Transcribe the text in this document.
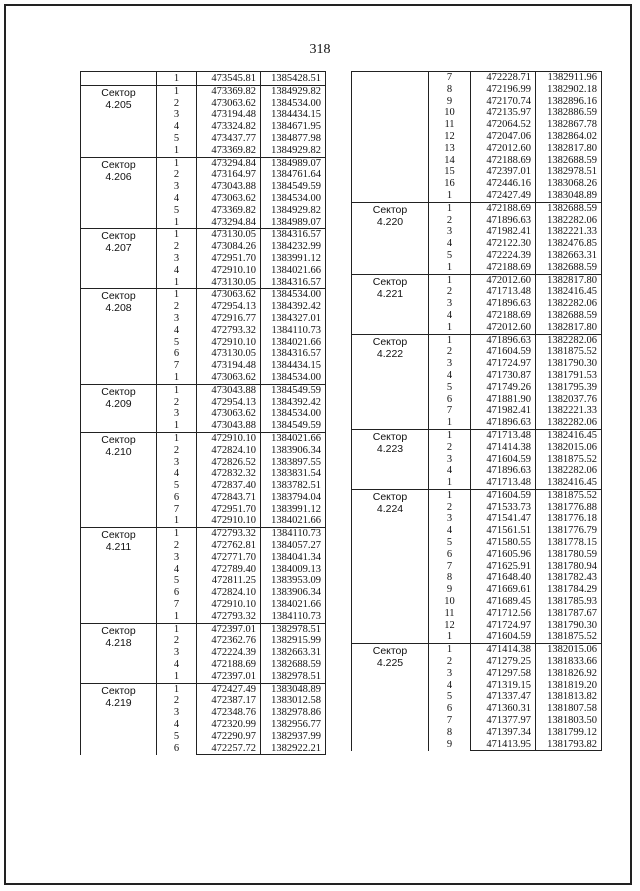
318
	1	473545.81	1385428.51
Сектор
4.205	1	473369.82	1384929.82
	2	473063.62	1384534.00
	3	473194.48	1384434.15
	4	473324.82	1384671.95
	5	473437.77	1384877.98
	1	473369.82	1384929.82
Сектор
4.206	1	473294.84	1384989.07
	2	473164.97	1384761.64
	3	473043.88	1384549.59
	4	473063.62	1384534.00
	5	473369.82	1384929.82
	1	473294.84	1384989.07
Сектор
4.207	1	473130.05	1384316.57
	2	473084.26	1384232.99
	3	472951.70	1383991.12
	4	472910.10	1384021.66
	1	473130.05	1384316.57
Сектор
4.208	1	473063.62	1384534.00
	2	472954.13	1384392.42
	3	472916.77	1384327.01
	4	472793.32	1384110.73
	5	472910.10	1384021.66
	6	473130.05	1384316.57
	7	473194.48	1384434.15
	1	473063.62	1384534.00
Сектор
4.209	1	473043.88	1384549.59
	2	472954.13	1384392.42
	3	473063.62	1384534.00
	1	473043.88	1384549.59
Сектор
4.210	1	472910.10	1384021.66
	2	472824.10	1383906.34
	3	472826.52	1383897.55
	4	472832.32	1383831.54
	5	472837.40	1383782.51
	6	472843.71	1383794.04
	7	472951.70	1383991.12
	1	472910.10	1384021.66
Сектор
4.211	1	472793.32	1384110.73
	2	472762.81	1384057.27
	3	472771.70	1384041.34
	4	472789.40	1384009.13
	5	472811.25	1383953.09
	6	472824.10	1383906.34
	7	472910.10	1384021.66
	1	472793.32	1384110.73
Сектор
4.218	1	472397.01	1382978.51
	2	472362.76	1382915.99
	3	472224.39	1382663.31
	4	472188.69	1382688.59
	1	472397.01	1382978.51
Сектор
4.219	1	472427.49	1383048.89
	2	472387.17	1383012.58
	3	472348.76	1382978.86
	4	472320.99	1382956.77
	5	472290.97	1382937.99
	6	472257.72	1382922.21
	7	472228.71	1382911.96
	8	472196.99	1382902.18
	9	472170.74	1382896.16
	10	472135.97	1382886.59
	11	472064.52	1382867.78
	12	472047.06	1382864.02
	13	472012.60	1382817.80
	14	472188.69	1382688.59
	15	472397.01	1382978.51
	16	472446.16	1383068.26
	1	472427.49	1383048.89
Сектор
4.220	1	472188.69	1382688.59
	2	471896.63	1382282.06
	3	471982.41	1382221.33
	4	472122.30	1382476.85
	5	472224.39	1382663.31
	1	472188.69	1382688.59
Сектор
4.221	1	472012.60	1382817.80
	2	471713.48	1382416.45
	3	471896.63	1382282.06
	4	472188.69	1382688.59
	1	472012.60	1382817.80
Сектор
4.222	1	471896.63	1382282.06
	2	471604.59	1381875.52
	3	471724.97	1381790.30
	4	471730.87	1381791.53
	5	471749.26	1381795.39
	6	471881.90	1382037.76
	7	471982.41	1382221.33
	1	471896.63	1382282.06
Сектор
4.223	1	471713.48	1382416.45
	2	471414.38	1382015.06
	3	471604.59	1381875.52
	4	471896.63	1382282.06
	1	471713.48	1382416.45
Сектор
4.224	1	471604.59	1381875.52
	2	471533.73	1381776.88
	3	471541.47	1381776.18
	4	471561.51	1381776.79
	5	471580.55	1381778.15
	6	471605.96	1381780.59
	7	471625.91	1381780.94
	8	471648.40	1381782.43
	9	471669.61	1381784.29
	10	471689.45	1381785.93
	11	471712.56	1381787.67
	12	471724.97	1381790.30
	1	471604.59	1381875.52
Сектор
4.225	1	471414.38	1382015.06
	2	471279.25	1381833.66
	3	471297.58	1381826.92
	4	471319.15	1381819.20
	5	471337.47	1381813.82
	6	471360.31	1381807.58
	7	471377.97	1381803.50
	8	471397.34	1381799.12
	9	471413.95	1381793.82
